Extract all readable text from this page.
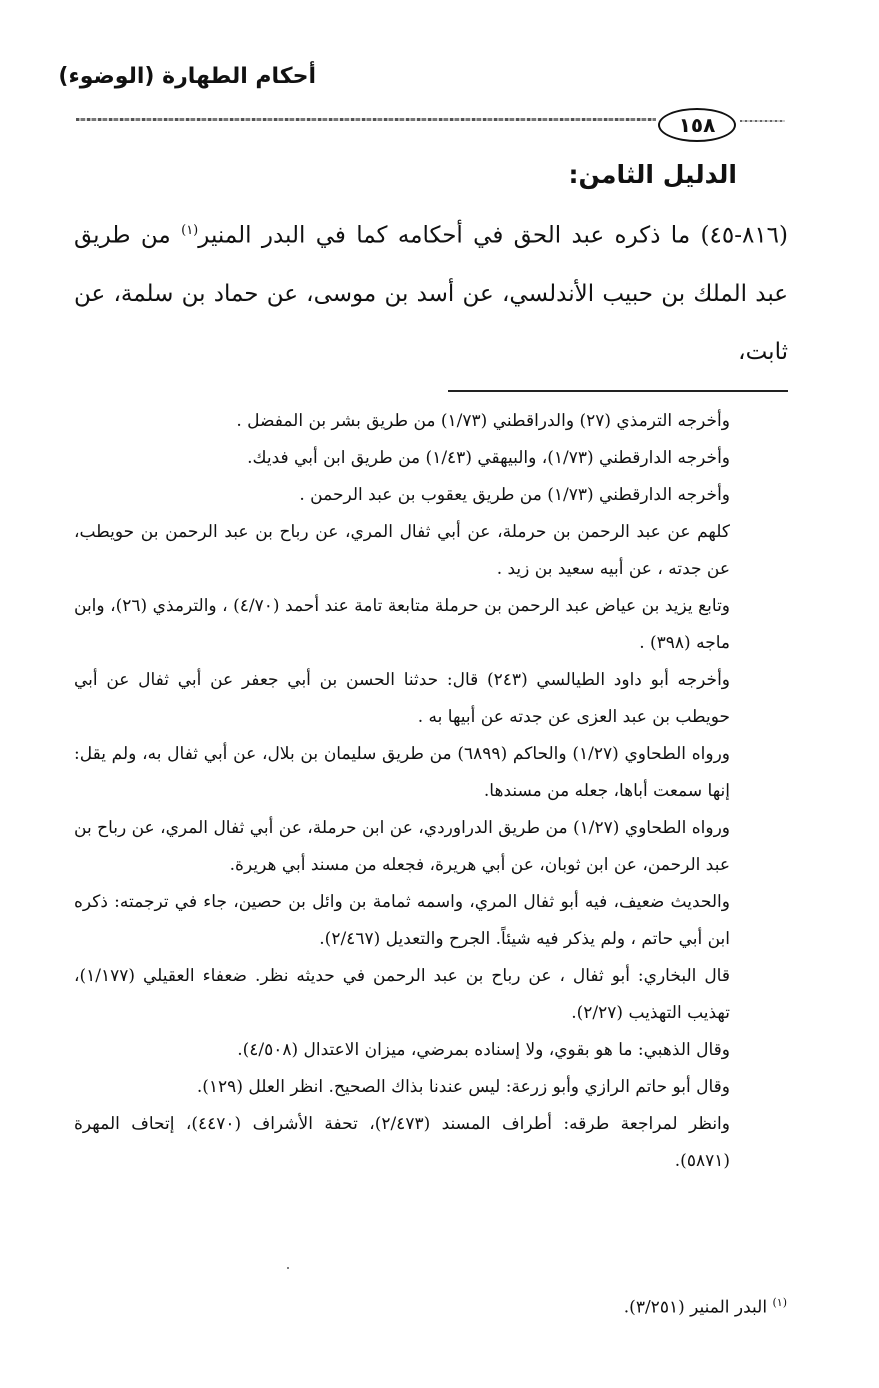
أحكام الطهارة (الوضوء)
١٥٨
الدليل الثامن:
(٨١٦-٤٥) ما ذكره عبد الحق في أحكامه كما في البدر المنير$^{(١)}$ من طريق عبد الملك بن حبيب الأندلسي، عن أسد بن موسى، عن حماد بن سلمة، عن ثابت،

وأخرجه الترمذي (٢٧) والدراقطني (١/٧٣) من طريق بشر بن المفضل .

وأخرجه الدارقطني (١/٧٣)، والبيهقي (١/٤٣) من طريق ابن أبي فديك.

وأخرجه الدارقطني (١/٧٣) من طريق يعقوب بن عبد الرحمن .

كلهم عن عبد الرحمن بن حرملة، عن أبي ثفال المري، عن رباح بن عبد الرحمن بن حويطب، عن جدته ، عن أبيه سعيد بن زيد .

وتابع يزيد بن عياض عبد الرحمن بن حرملة متابعة تامة عند أحمد (٤/٧٠) ، والترمذي (٢٦)، وابن ماجه (٣٩٨) .

وأخرجه أبو داود الطيالسي (٢٤٣) قال: حدثنا الحسن بن أبي جعفر عن أبي ثفال عن أبي حويطب بن عبد العزى عن جدته عن أبيها به .

ورواه الطحاوي (١/٢٧) والحاكم (٦٨٩٩) من طريق سليمان بن بلال، عن أبي ثفال به، ولم يقل: إنها سمعت أباها، جعله من مسندها.

ورواه الطحاوي (١/٢٧) من طريق الدراوردي، عن ابن حرملة، عن أبي ثفال المري، عن رباح بن عبد الرحمن، عن ابن ثوبان، عن أبي هريرة، فجعله من مسند أبي هريرة.

والحديث ضعيف، فيه أبو ثفال المري، واسمه ثمامة بن وائل بن حصين، جاء في ترجمته: ذكره ابن أبي حاتم ، ولم يذكر فيه شيئاً. الجرح والتعديل (٢/٤٦٧).

قال البخاري: أبو ثفال ، عن رباح بن عبد الرحمن في حديثه نظر. ضعفاء العقيلي (١/١٧٧)، تهذيب التهذيب (٢/٢٧).

وقال الذهبي: ما هو بقوي، ولا إسناده بمرضي، ميزان الاعتدال (٤/٥٠٨).

وقال أبو حاتم الرازي وأبو زرعة: ليس عندنا بذاك الصحيح. انظر العلل (١٢٩).

وانظر لمراجعة طرقه: أطراف المسند (٢/٤٧٣)، تحفة الأشراف (٤٤٧٠)، إتحاف المهرة (٥٨٧١).

$^{(١)}$ البدر المنير (٣/٢٥١).
